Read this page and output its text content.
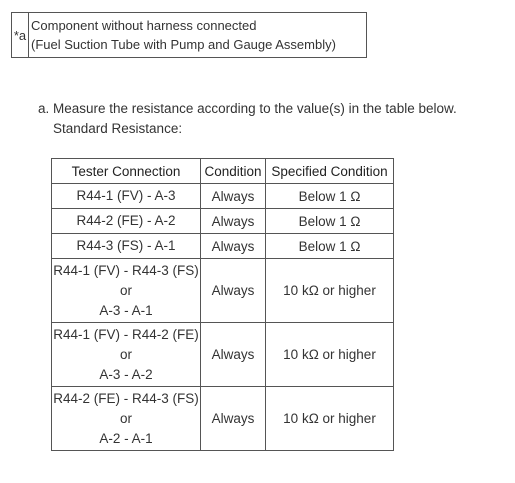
*a	
Component without harness connected
(Fuel Suction Tube with Pump and Gauge Assembly)
a. Measure the resistance according to the value(s) in the table below.
Standard Resistance:
Tester Connection	Condition	Specified Condition

R44-1 (FV) - A-3	Always	Below 1 Ω

R44-2 (FE) - A-2	Always	Below 1 Ω

R44-3 (FS) - A-1	Always	Below 1 Ω

R44-1 (FV) - R44-3 (FS)
or
A-3 - A-1	Always	10 kΩ or higher

R44-1 (FV) - R44-2 (FE)
or
A-3 - A-2	Always	10 kΩ or higher

R44-2 (FE) - R44-3 (FS)
or
A-2 - A-1	Always	10 kΩ or higher
